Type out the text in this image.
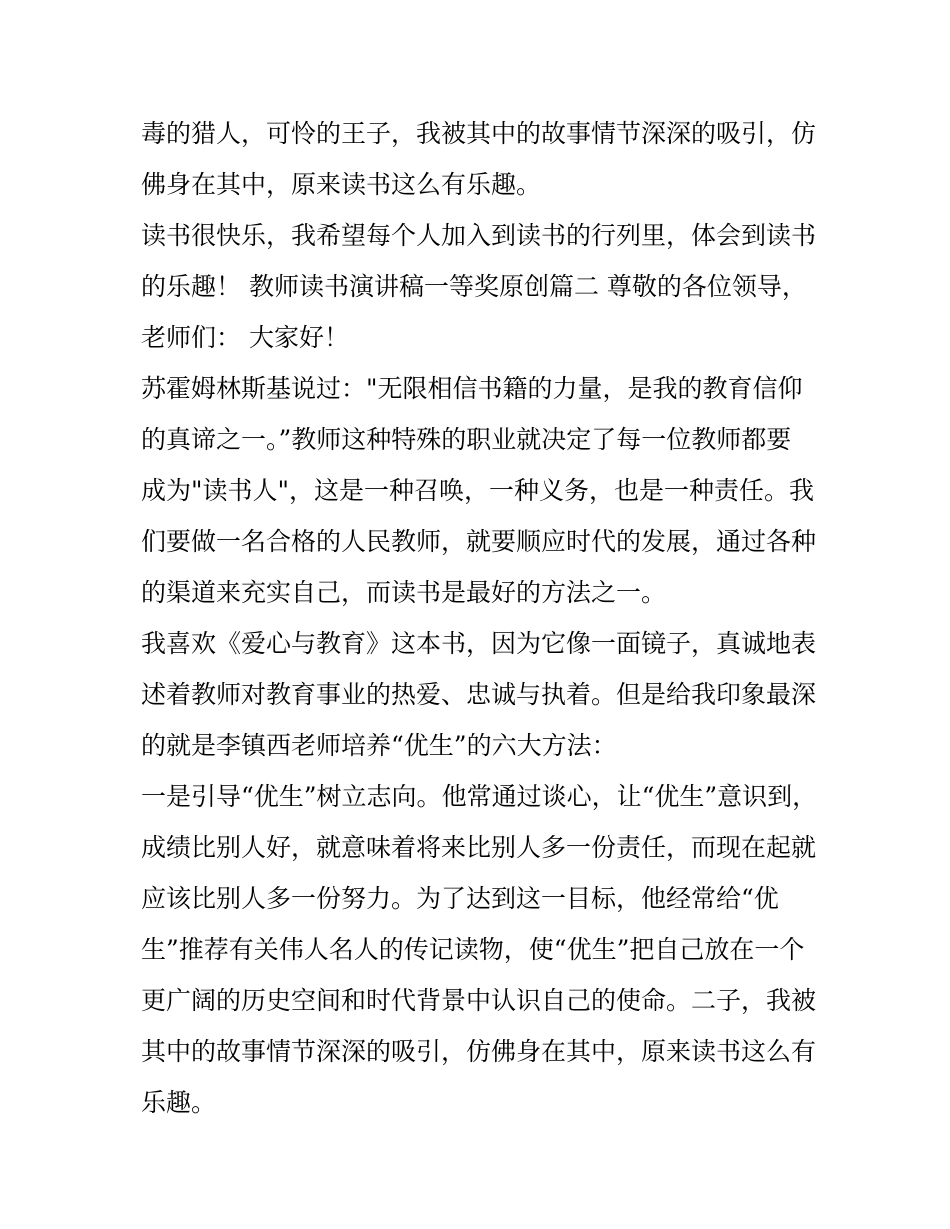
毒的猎人，可怜的王子，我被其中的故事情节深深的吸引，仿
佛身在其中，原来读书这么有乐趣。
读书很快乐，我希望每个人加入到读书的行列里，体会到读书
的乐趣！ 教师读书演讲稿一等奖原创篇二 尊敬的各位领导，
老师们： 大家好！
苏霍姆林斯基说过："无限相信书籍的力量，是我的教育信仰
的真谛之一。”教师这种特殊的职业就决定了每一位教师都要
成为"读书人"，这是一种召唤，一种义务，也是一种责任。我
们要做一名合格的人民教师，就要顺应时代的发展，通过各种
的渠道来充实自己，而读书是最好的方法之一。
我喜欢《爱心与教育》这本书，因为它像一面镜子，真诚地表
述着教师对教育事业的热爱、忠诚与执着。但是给我印象最深
的就是李镇西老师培养“优生”的六大方法：
一是引导“优生”树立志向。他常通过谈心，让“优生”意识到，
成绩比别人好，就意味着将来比别人多一份责任，而现在起就
应该比别人多一份努力。为了达到这一目标，他经常给“优
生”推荐有关伟人名人的传记读物，使“优生”把自己放在一个
更广阔的历史空间和时代背景中认识自己的使命。二子，我被
其中的故事情节深深的吸引，仿佛身在其中，原来读书这么有
乐趣。
